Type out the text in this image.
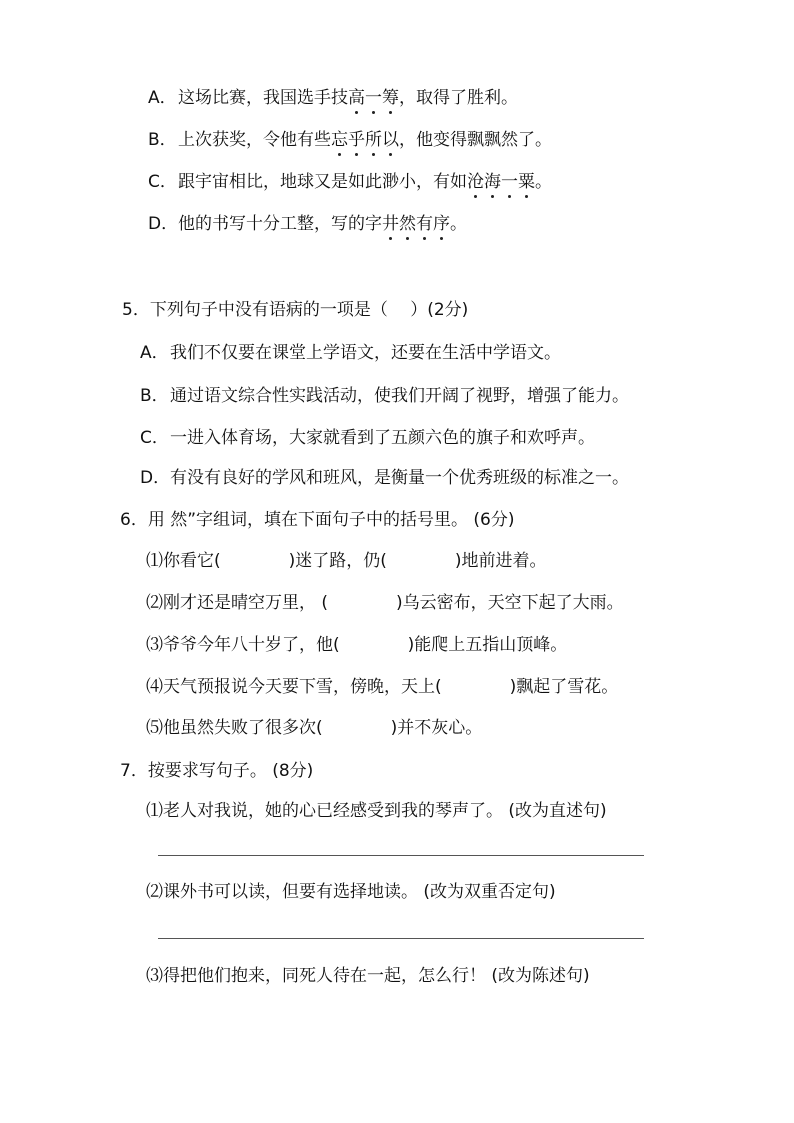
A．这场比赛，我国选手技高一筹
，取得了胜利。
B．上次获奖，令他有些忘乎所以
，他变得飘飘然了。
C．跟宇宙相比，地球又是如此渺小，有如沧海一粟
。
D．他的书写十分工整，写的字井然有序
。
5．下列句子中没有语病的一项是（　 ）(2分)
A．我们不仅要在课堂上学语文，还要在生活中学语文。
B．通过语文综合性实践活动，使我们开阔了视野，增强了能力。
C．一进入体育场，大家就看到了五颜六色的旗子和欢呼声。
D．有没有良好的学风和班风，是衡量一个优秀班级的标准之一。
6．用 然”字组词，填在下面句子中的括号里。 (6分)
⑴你看它(　　　　)迷了路，仍(　　　　)地前进着。
⑵刚才还是晴空万里， (　　　　)乌云密布，天空下起了大雨。
⑶爷爷今年八十岁了，他(　　　　)能爬上五指山顶峰。
⑷天气预报说今天要下雪，傍晚，天上(　　　　)飘起了雪花。
⑸他虽然失败了很多次(　　　　)并不灰心。
7．按要求写句子。 (8分)
⑴老人对我说，她的心已经感受到我的琴声了。 (改为直述句)
⑵课外书可以读，但要有选择地读。 (改为双重否定句)
⑶得把他们抱来，同死人待在一起，怎么行！ (改为陈述句)
